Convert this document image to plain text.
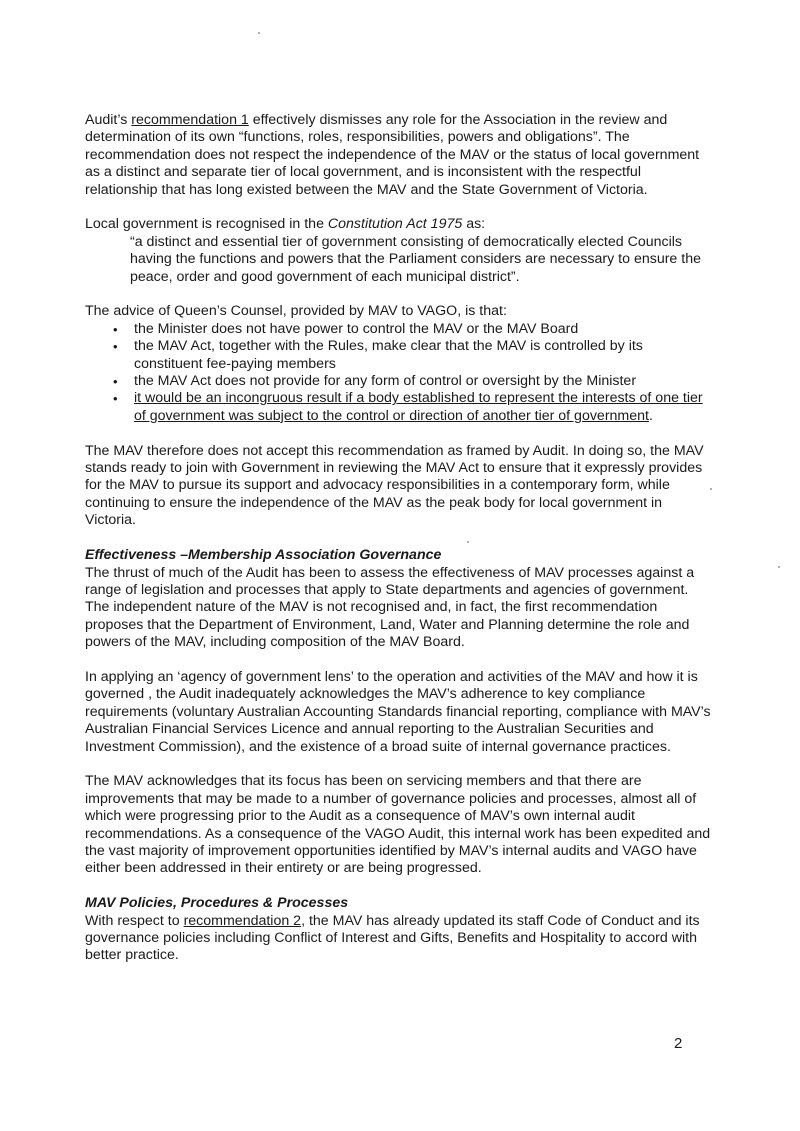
Audit’s recommendation 1 effectively dismisses any role for the Association in the review and determination of its own “functions, roles, responsibilities, powers and obligations”. The recommendation does not respect the independence of the MAV or the status of local government as a distinct and separate tier of local government, and is inconsistent with the respectful relationship that has long existed between the MAV and the State Government of Victoria.

Local government is recognised in the Constitution Act 1975 as:

“a distinct and essential tier of government consisting of democratically elected Councils having the functions and powers that the Parliament considers are necessary to ensure the peace, order and good government of each municipal district”.

The advice of Queen’s Counsel, provided by MAV to VAGO, is that:

• the Minister does not have power to control the MAV or the MAV Board
• the MAV Act, together with the Rules, make clear that the MAV is controlled by its constituent fee-paying members
• the MAV Act does not provide for any form of control or oversight by the Minister
• it would be an incongruous result if a body established to represent the interests of one tier of government was subject to the control or direction of another tier of government.

The MAV therefore does not accept this recommendation as framed by Audit. In doing so, the MAV stands ready to join with Government in reviewing the MAV Act to ensure that it expressly provides for the MAV to pursue its support and advocacy responsibilities in a contemporary form, while continuing to ensure the independence of the MAV as the peak body for local government in Victoria.

Effectiveness –Membership Association Governance

The thrust of much of the Audit has been to assess the effectiveness of MAV processes against a range of legislation and processes that apply to State departments and agencies of government. The independent nature of the MAV is not recognised and, in fact, the first recommendation proposes that the Department of Environment, Land, Water and Planning determine the role and powers of the MAV, including composition of the MAV Board.

In applying an ‘agency of government lens’ to the operation and activities of the MAV and how it is governed , the Audit inadequately acknowledges the MAV’s adherence to key compliance requirements (voluntary Australian Accounting Standards financial reporting, compliance with MAV’s Australian Financial Services Licence and annual reporting to the Australian Securities and Investment Commission), and the existence of a broad suite of internal governance practices.

The MAV acknowledges that its focus has been on servicing members and that there are improvements that may be made to a number of governance policies and processes, almost all of which were progressing prior to the Audit as a consequence of MAV’s own internal audit recommendations. As a consequence of the VAGO Audit, this internal work has been expedited and the vast majority of improvement opportunities identified by MAV’s internal audits and VAGO have either been addressed in their entirety or are being progressed.

MAV Policies, Procedures & Processes

With respect to recommendation 2, the MAV has already updated its staff Code of Conduct and its governance policies including Conflict of Interest and Gifts, Benefits and Hospitality to accord with better practice.

2
